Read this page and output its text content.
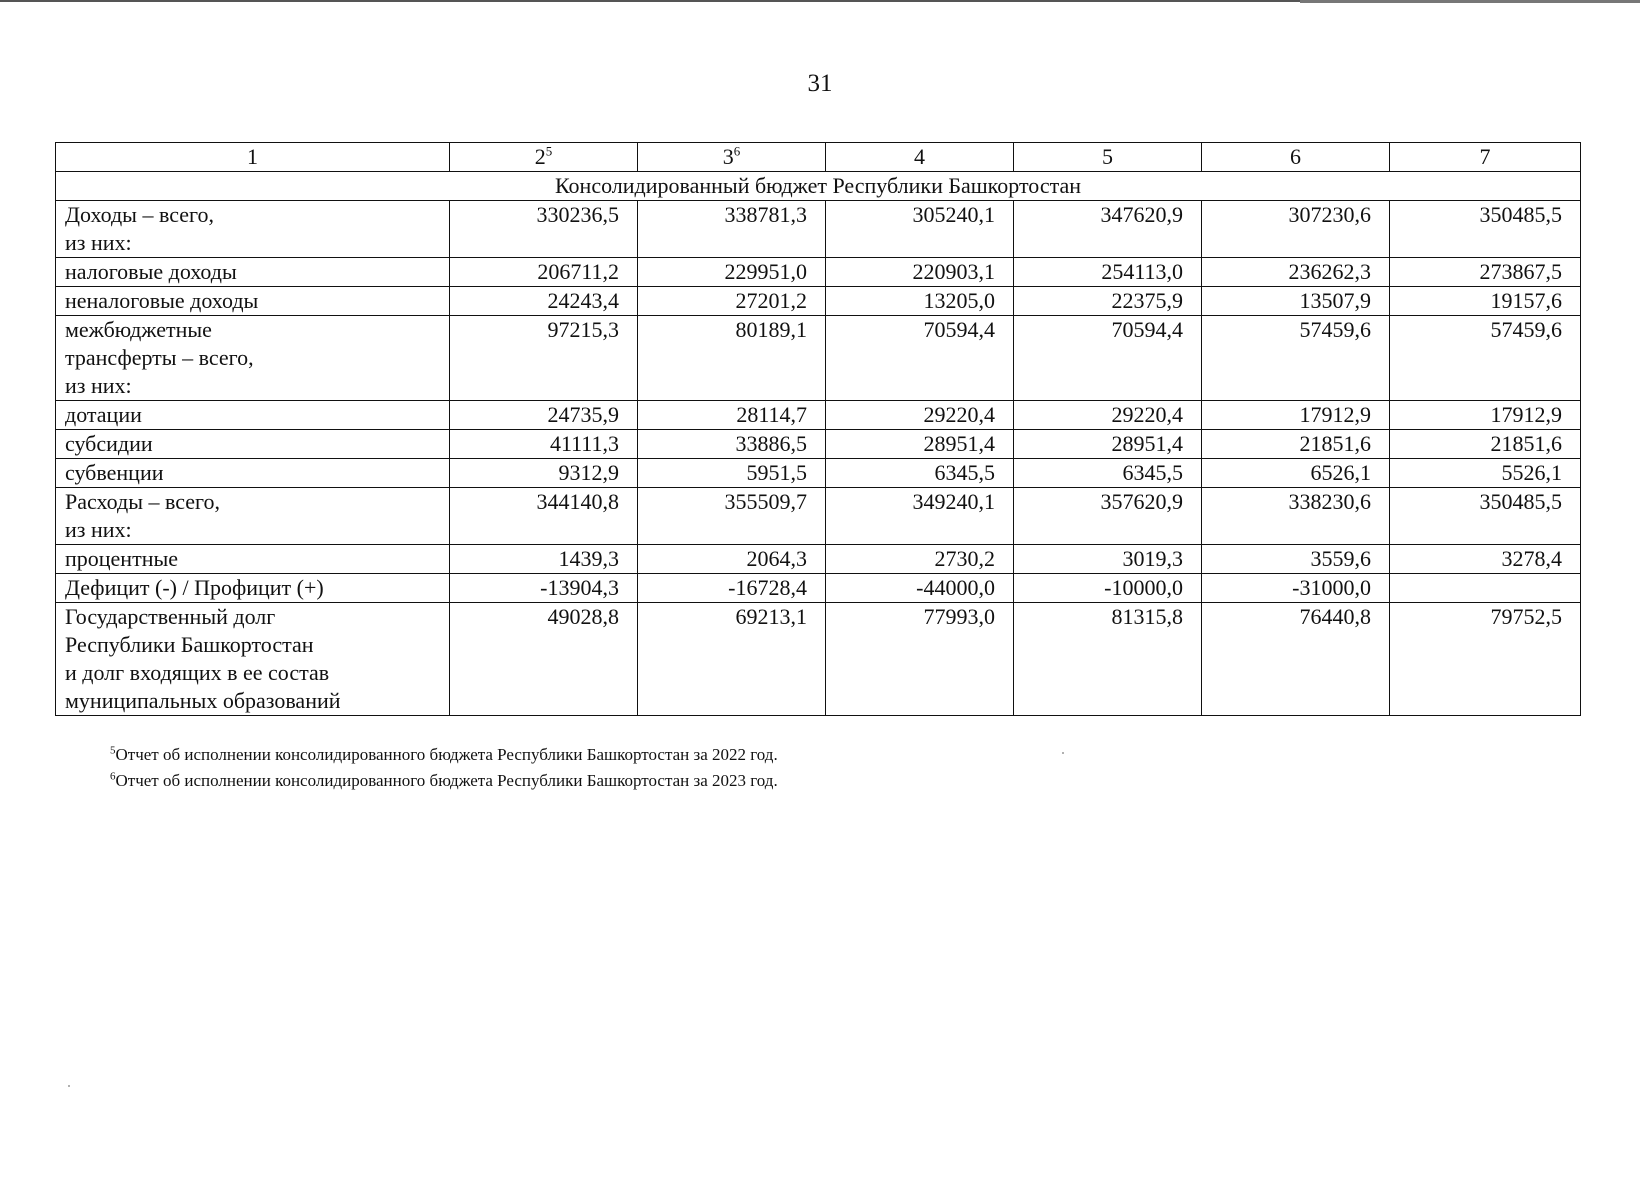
31
1	$2^5$	$3^6$	4	5	6	7
Консолидированный бюджет Республики Башкортостан						

Доходы – всего,
из них:	330236,5	338781,3	305240,1	347620,9	307230,6	350485,5

налоговые доходы	206711,2	229951,0	220903,1	254113,0	236262,3	273867,5

неналоговые доходы	24243,4	27201,2	13205,0	22375,9	13507,9	19157,6

межбюджетные
трансферты – всего,
из них:	97215,3	80189,1	70594,4	70594,4	57459,6	57459,6

дотации	24735,9	28114,7	29220,4	29220,4	17912,9	17912,9

субсидии	41111,3	33886,5	28951,4	28951,4	21851,6	21851,6

субвенции	9312,9	5951,5	6345,5	6345,5	6526,1	5526,1

Расходы – всего,
из них:	344140,8	355509,7	349240,1	357620,9	338230,6	350485,5

процентные	1439,3	2064,3	2730,2	3019,3	3559,6	3278,4

Дефицит (-) / Профицит (+)	-13904,3	-16728,4	-44000,0	-10000,0	-31000,0	

Государственный долг
Республики Башкортостан
и долг входящих в ее состав
муниципальных образований	49028,8	69213,1	77993,0	81315,8	76440,8	79752,5
$^5$Отчет об исполнении консолидированного бюджета Республики Башкортостан за 2022 год.
$^6$Отчет об исполнении консолидированного бюджета Республики Башкортостан за 2023 год.
